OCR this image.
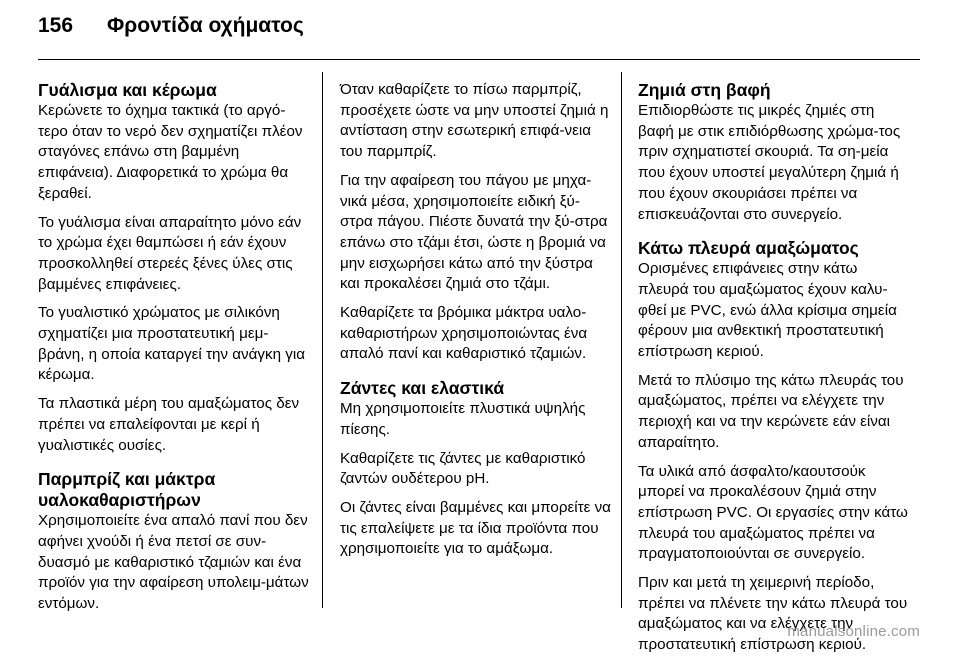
156 Φροντίδα οχήματος
Γυάλισμα και κέρωμα

Κερώνετε το όχημα τακτικά (το αργό-τερο όταν το νερό δεν σχηματίζει πλέον σταγόνες επάνω στη βαμμένη επιφάνεια). Διαφορετικά το χρώμα θα ξεραθεί.

Το γυάλισμα είναι απαραίτητο μόνο εάν το χρώμα έχει θαμπώσει ή εάν έχουν προσκολληθεί στερεές ξένες ύλες στις βαμμένες επιφάνειες.

Το γυαλιστικό χρώματος με σιλικόνη σχηματίζει μια προστατευτική μεμ-βράνη, η οποία καταργεί την ανάγκη για κέρωμα.

Τα πλαστικά μέρη του αμαξώματος δεν πρέπει να επαλείφονται με κερί ή γυαλιστικές ουσίες.

Παρμπρίζ και μάκτρα υαλοκαθαριστήρων

Χρησιμοποιείτε ένα απαλό πανί που δεν αφήνει χνούδι ή ένα πετσί σε συν-δυασμό με καθαριστικό τζαμιών και ένα προϊόν για την αφαίρεση υπολειμ-μάτων εντόμων.

Όταν καθαρίζετε το πίσω παρμπρίζ, προσέχετε ώστε να μην υποστεί ζημιά η αντίσταση στην εσωτερική επιφά-νεια του παρμπρίζ.

Για την αφαίρεση του πάγου με μηχα-νικά μέσα, χρησιμοποιείτε ειδική ξύ-στρα πάγου. Πιέστε δυνατά την ξύ-στρα επάνω στο τζάμι έτσι, ώστε η βρομιά να μην εισχωρήσει κάτω από την ξύστρα και προκαλέσει ζημιά στο τζάμι.

Καθαρίζετε τα βρόμικα μάκτρα υαλο-καθαριστήρων χρησιμοποιώντας ένα απαλό πανί και καθαριστικό τζαμιών.

Ζάντες και ελαστικά

Μη χρησιμοποιείτε πλυστικά υψηλής πίεσης.

Καθαρίζετε τις ζάντες με καθαριστικό ζαντών ουδέτερου pH.

Οι ζάντες είναι βαμμένες και μπορείτε να τις επαλείψετε με τα ίδια προϊόντα που χρησιμοποιείτε για το αμάξωμα.

Ζημιά στη βαφή

Επιδιορθώστε τις μικρές ζημιές στη βαφή με στικ επιδιόρθωσης χρώμα-τος πριν σχηματιστεί σκουριά. Τα ση-μεία που έχουν υποστεί μεγαλύτερη ζημιά ή που έχουν σκουριάσει πρέπει να επισκευάζονται στο συνεργείο.

Κάτω πλευρά αμαξώματος

Ορισμένες επιφάνειες στην κάτω πλευρά του αμαξώματος έχουν καλυ-φθεί με PVC, ενώ άλλα κρίσιμα σημεία φέρουν μια ανθεκτική προστατευτική επίστρωση κεριού.

Μετά το πλύσιμο της κάτω πλευράς του αμαξώματος, πρέπει να ελέγχετε την περιοχή και να την κερώνετε εάν είναι απαραίτητο.

Τα υλικά από άσφαλτο/καουτσούκ μπορεί να προκαλέσουν ζημιά στην επίστρωση PVC. Οι εργασίες στην κάτω πλευρά του αμαξώματος πρέπει να πραγματοποιούνται σε συνεργείο.

Πριν και μετά τη χειμερινή περίοδο, πρέπει να πλένετε την κάτω πλευρά του αμαξώματος και να ελέγχετε την προστατευτική επίστρωση κεριού.

manualsonline.com
